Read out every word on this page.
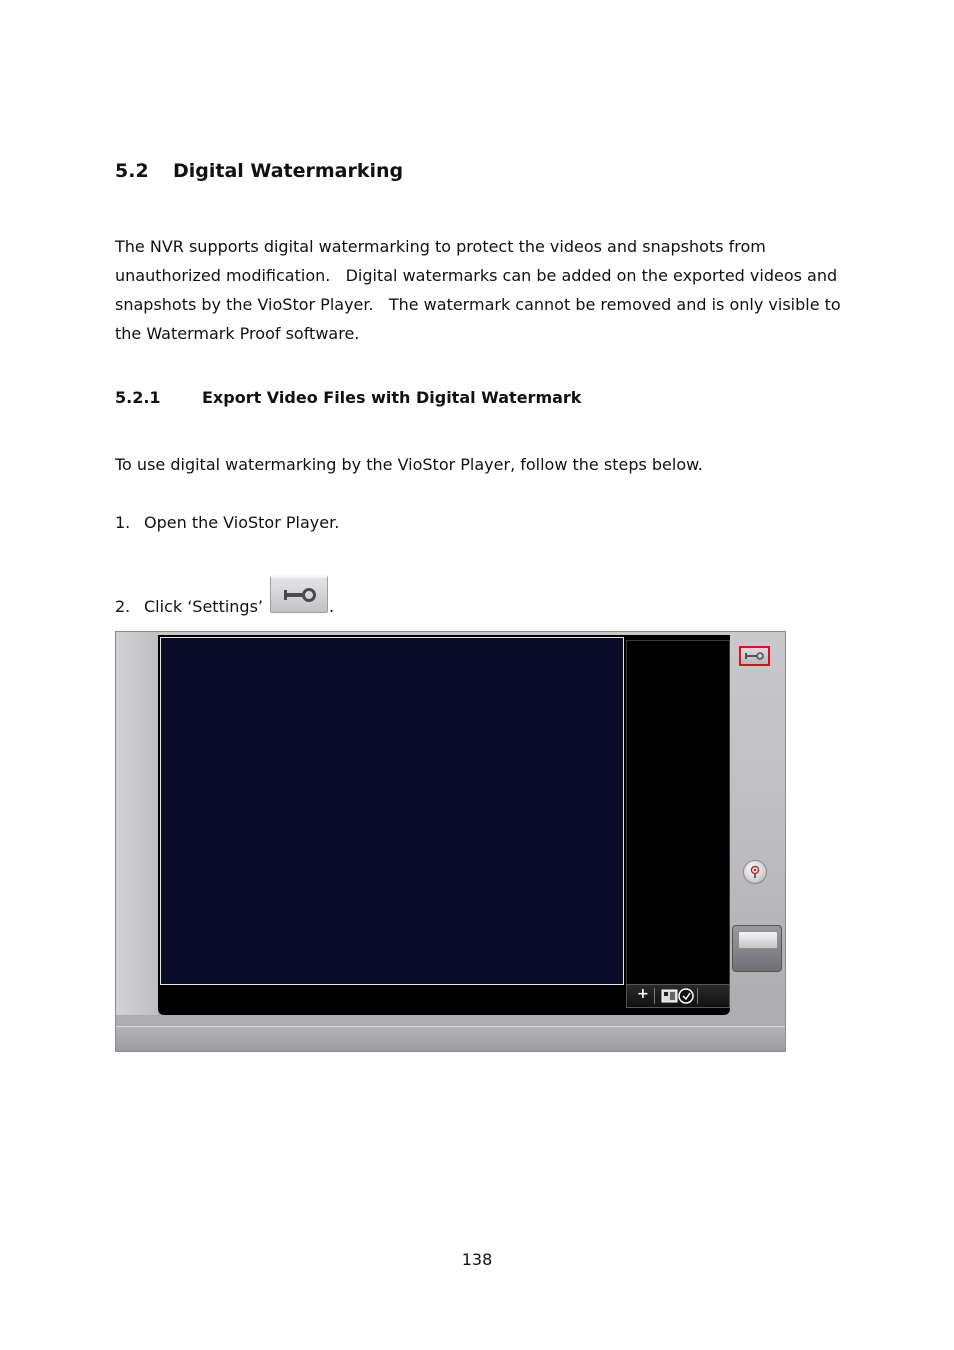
5.2 Digital Watermarking

The NVR supports digital watermarking to protect the videos and snapshots from
unauthorized modification.   Digital watermarks can be added on the exported videos and
snapshots by the VioStor Player.   The watermark cannot be removed and is only visible to
the Watermark Proof software.

5.2.1	Export Video Files with Digital Watermark

To use digital watermarking by the VioStor Player, follow the steps below.

1. Open the VioStor Player.

2. Click ‘Settings’	.

+

138
